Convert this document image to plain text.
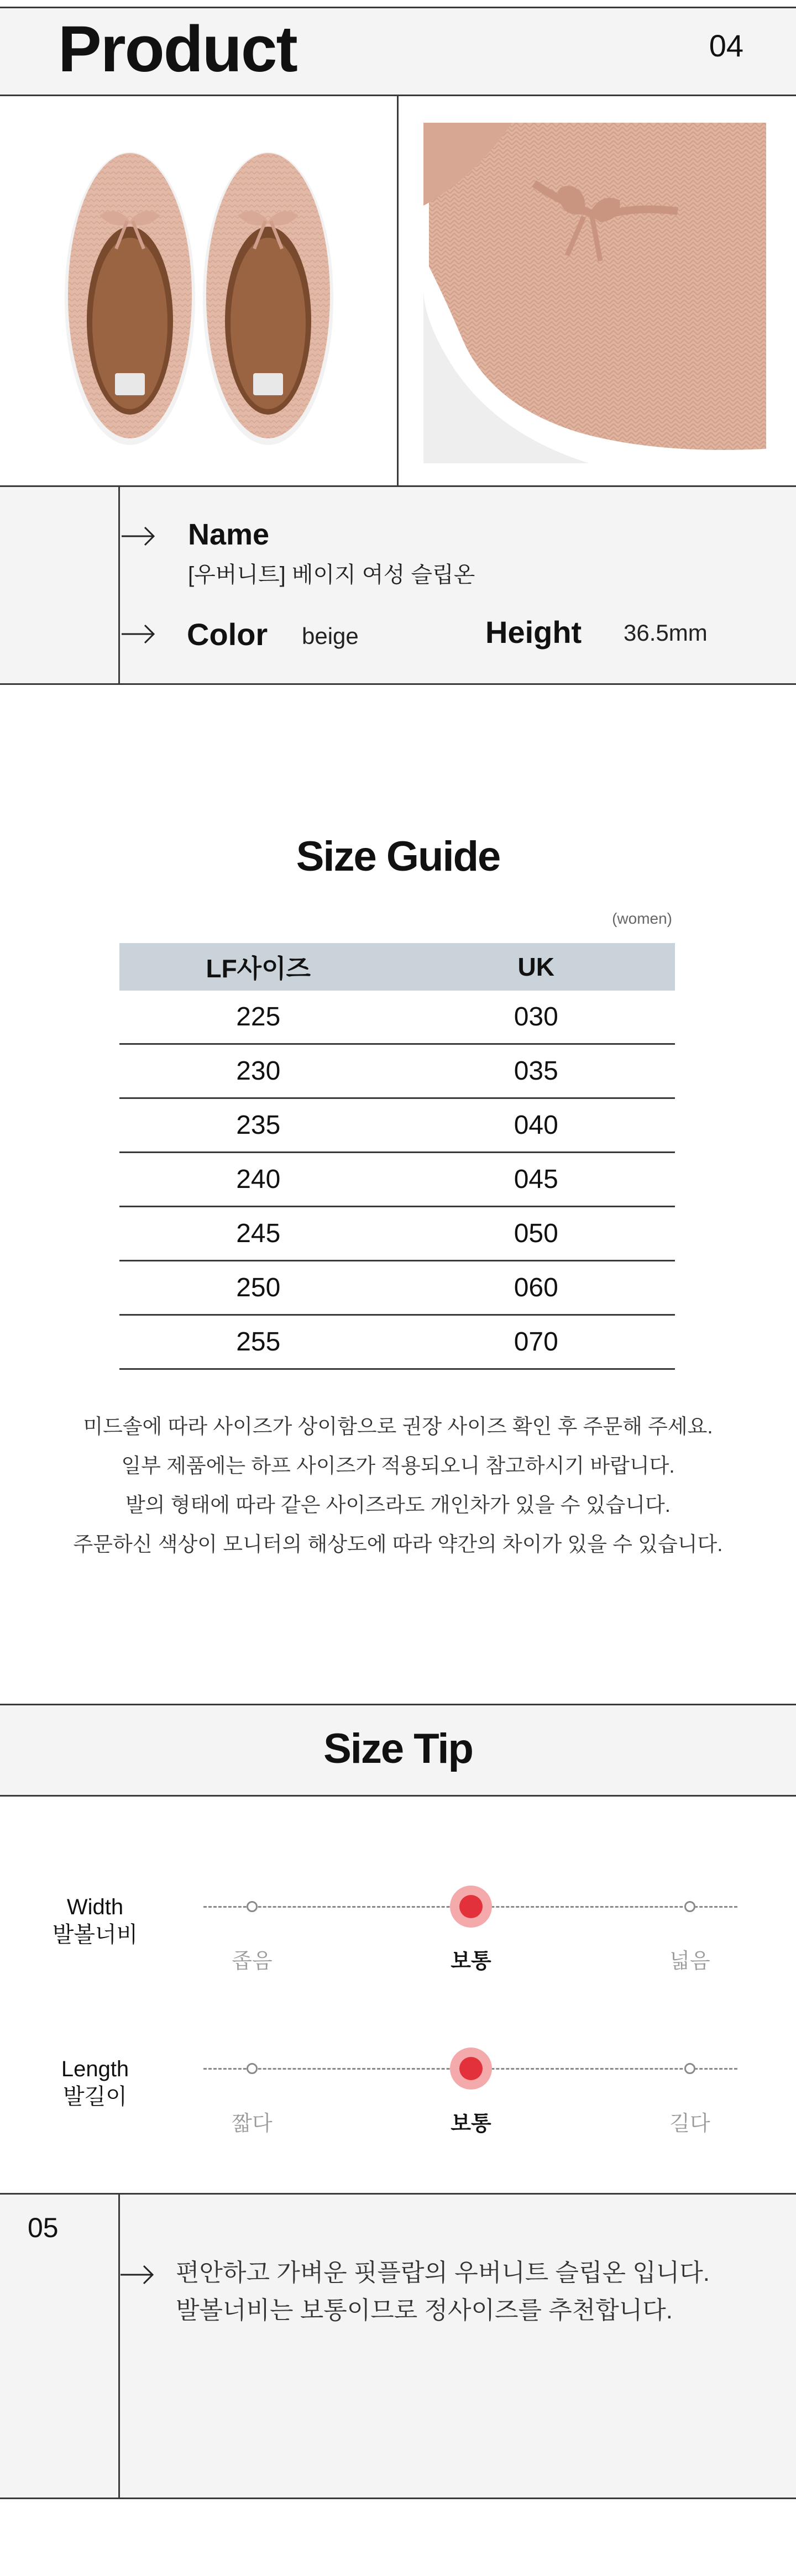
Product	04
Name
[우버니트] 베이지 여성 슬립온
Color beige	Height 36.5mm
Size Guide
(women)
LF사이즈	UK
225	030
230	035
235	040
240	045
245	050
250	060
255	070
미드솔에 따라 사이즈가 상이함으로 권장 사이즈 확인 후 주문해 주세요.
일부 제품에는 하프 사이즈가 적용되오니 참고하시기 바랍니다.
발의 형태에 따라 같은 사이즈라도 개인차가 있을 수 있습니다.
주문하신 색상이 모니터의 해상도에 따라 약간의 차이가 있을 수 있습니다.
Size Tip
Width
발볼너비
좁음	보통	넓음
Length
발길이
짧다	보통	길다
05
편안하고 가벼운 핏플랍의 우버니트 슬립온 입니다.
발볼너비는 보통이므로 정사이즈를 추천합니다.
